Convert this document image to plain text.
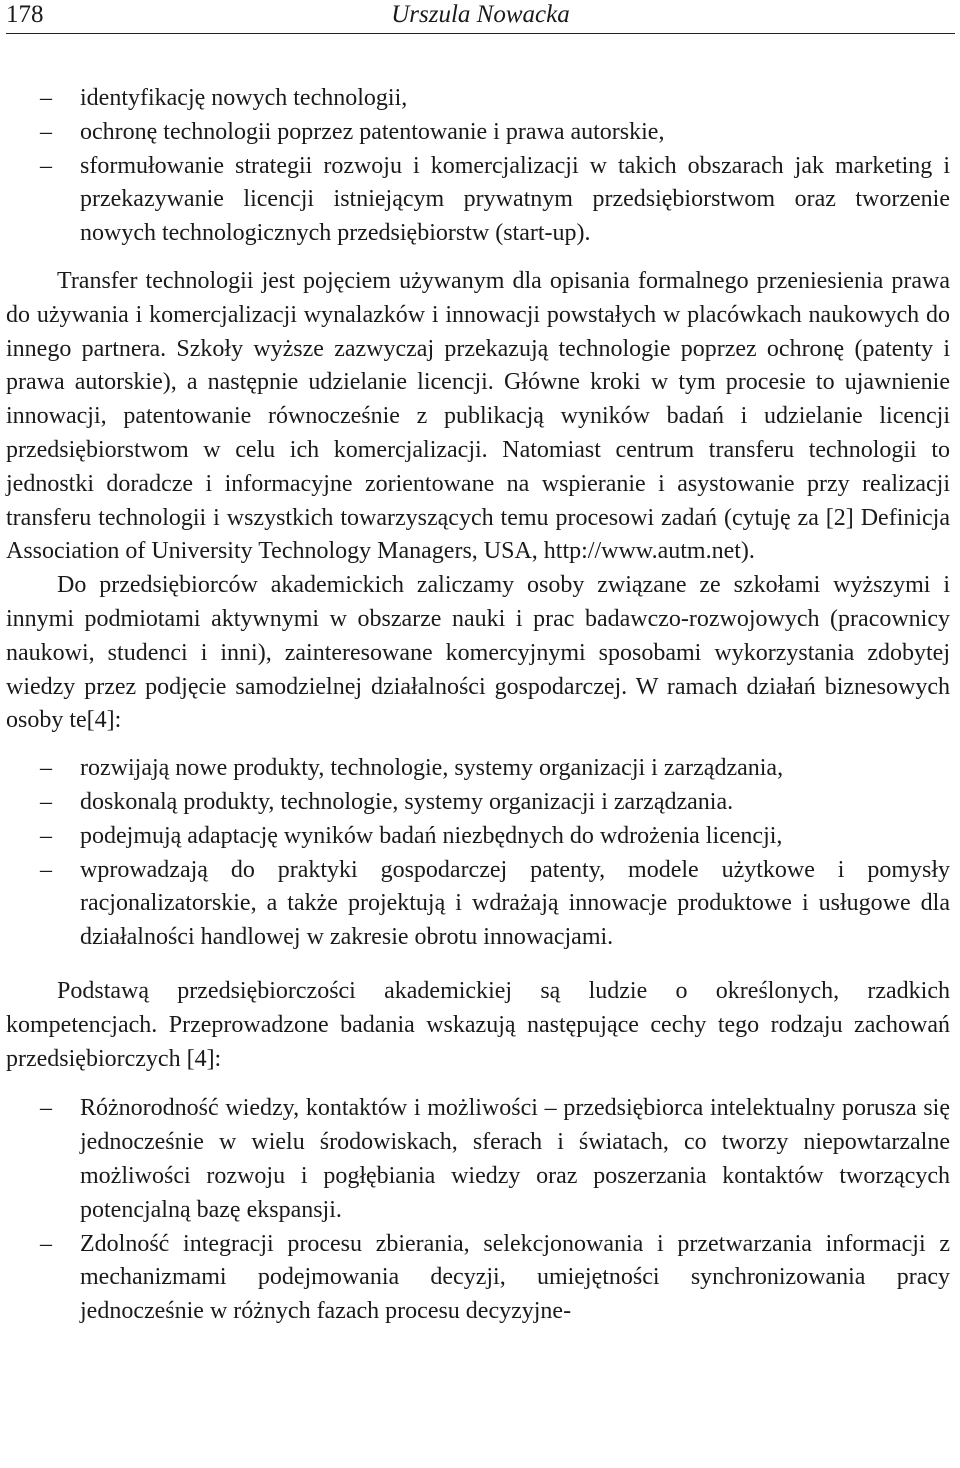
178	Urszula Nowacka
– identyfikację nowych technologii,
– ochronę technologii poprzez patentowanie i prawa autorskie,
– sformułowanie strategii rozwoju i komercjalizacji w takich obszarach jak marketing i przekazywanie licencji istniejącym prywatnym przedsiębiorstwom oraz tworzenie nowych technologicznych przedsiębiorstw (start-up).

Transfer technologii jest pojęciem używanym dla opisania formalnego przeniesienia prawa do używania i komercjalizacji wynalazków i innowacji powstałych w placówkach naukowych do innego partnera. Szkoły wyższe zazwyczaj przekazują technologie poprzez ochronę (patenty i prawa autorskie), a następnie udzielanie licencji. Główne kroki w tym procesie to ujawnienie innowacji, patentowanie równocześnie z publikacją wyników badań i udzielanie licencji przedsiębiorstwom w celu ich komercjalizacji. Natomiast centrum transferu technologii to jednostki doradcze i informacyjne zorientowane na wspieranie i asystowanie przy realizacji transferu technologii i wszystkich towarzyszących temu procesowi zadań (cytuję za [2] Definicja Association of University Technology Managers, USA, http://www.autm.net).

Do przedsiębiorców akademickich zaliczamy osoby związane ze szkołami wyższymi i innymi podmiotami aktywnymi w obszarze nauki i prac badawczo-rozwojowych (pracownicy naukowi, studenci i inni), zainteresowane komercyjnymi sposobami wykorzystania zdobytej wiedzy przez podjęcie samodzielnej działalności gospodarczej. W ramach działań biznesowych osoby te[4]:

– rozwijają nowe produkty, technologie, systemy organizacji i zarządzania,
– doskonalą produkty, technologie, systemy organizacji i zarządzania.
– podejmują adaptację wyników badań niezbędnych do wdrożenia licencji,
– wprowadzają do praktyki gospodarczej patenty, modele użytkowe i pomysły racjonalizatorskie, a także projektują i wdrażają innowacje produktowe i usługowe dla działalności handlowej w zakresie obrotu innowacjami.

Podstawą przedsiębiorczości akademickiej są ludzie o określonych, rzadkich kompetencjach. Przeprowadzone badania wskazują następujące cechy tego rodzaju zachowań przedsiębiorczych [4]:

– Różnorodność wiedzy, kontaktów i możliwości – przedsiębiorca intelektualny porusza się jednocześnie w wielu środowiskach, sferach i światach, co tworzy niepowtarzalne możliwości rozwoju i pogłębiania wiedzy oraz poszerzania kontaktów tworzących potencjalną bazę ekspansji.
– Zdolność integracji procesu zbierania, selekcjonowania i przetwarzania informacji z mechanizmami podejmowania decyzji, umiejętności synchronizowania pracy jednocześnie w różnych fazach procesu decyzyjne-
